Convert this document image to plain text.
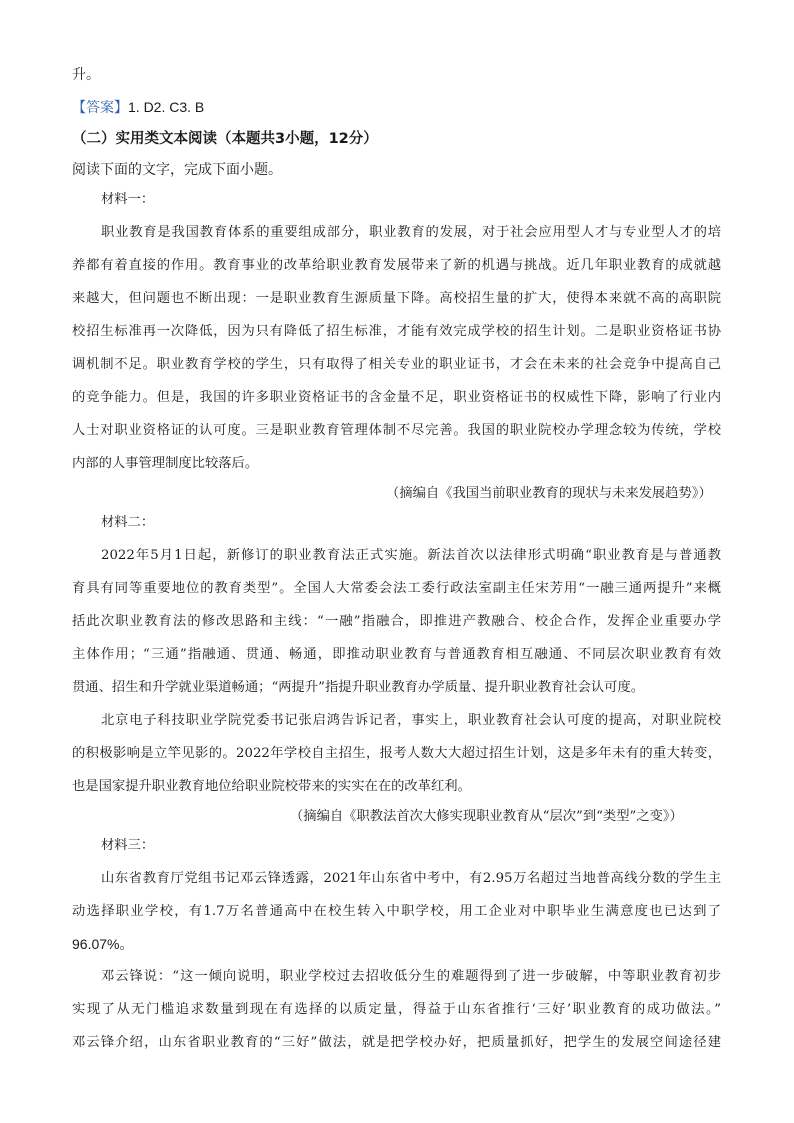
升。
（二）实用类文本阅读（本题共3小题，12分）
阅读下面的文字，完成下面小题。
材料一：
职业教育是我国教育体系的重要组成部分，职业教育的发展，对于社会应用型人才与专业型人才的培
养都有着直接的作用。教育事业的改革给职业教育发展带来了新的机遇与挑战。近几年职业教育的成就越
来越大，但问题也不断出现：一是职业教育生源质量下降。高校招生量的扩大，使得本来就不高的高职院
校招生标准再一次降低，因为只有降低了招生标准，才能有效完成学校的招生计划。二是职业资格证书协
调机制不足。职业教育学校的学生，只有取得了相关专业的职业证书，才会在未来的社会竞争中提高自己
的竞争能力。但是，我国的许多职业资格证书的含金量不足，职业资格证书的权威性下降，影响了行业内
人士对职业资格证的认可度。三是职业教育管理体制不尽完善。我国的职业院校办学理念较为传统，学校
内部的人事管理制度比较落后。
（摘编自《我国当前职业教育的现状与未来发展趋势》）
材料二：
2022年5月1日起，新修订的职业教育法正式实施。新法首次以法律形式明确“职业教育是与普通教
育具有同等重要地位的教育类型”。全国人大常委会法工委行政法室副主任宋芳用“一融三通两提升”来概
括此次职业教育法的修改思路和主线：“一融”指融合，即推进产教融合、校企合作，发挥企业重要办学
主体作用；“三通”指融通、贯通、畅通，即推动职业教育与普通教育相互融通、不同层次职业教育有效
贯通、招生和升学就业渠道畅通；“两提升”指提升职业教育办学质量、提升职业教育社会认可度。
北京电子科技职业学院党委书记张启鸿告诉记者，事实上，职业教育社会认可度的提高，对职业院校
的积极影响是立竿见影的。2022年学校自主招生，报考人数大大超过招生计划，这是多年未有的重大转变，
也是国家提升职业教育地位给职业院校带来的实实在在的改革红利。
（摘编自《职教法首次大修实现职业教育从“层次”到“类型”之变》）
材料三：
山东省教育厅党组书记邓云锋透露，2021年山东省中考中，有2.95万名超过当地普高线分数的学生主
动选择职业学校，有1.7万名普通高中在校生转入中职学校，用工企业对中职毕业生满意度也已达到了
96.07%。
邓云锋说：“这一倾向说明，职业学校过去招收低分生的难题得到了进一步破解，中等职业教育初步
实现了从无门槛追求数量到现在有选择的以质定量，得益于山东省推行‘三好’职业教育的成功做法。”
邓云锋介绍，山东省职业教育的“三好”做法，就是把学校办好，把质量抓好，把学生的发展空间途径建
【答案】1. D2. C3. B
